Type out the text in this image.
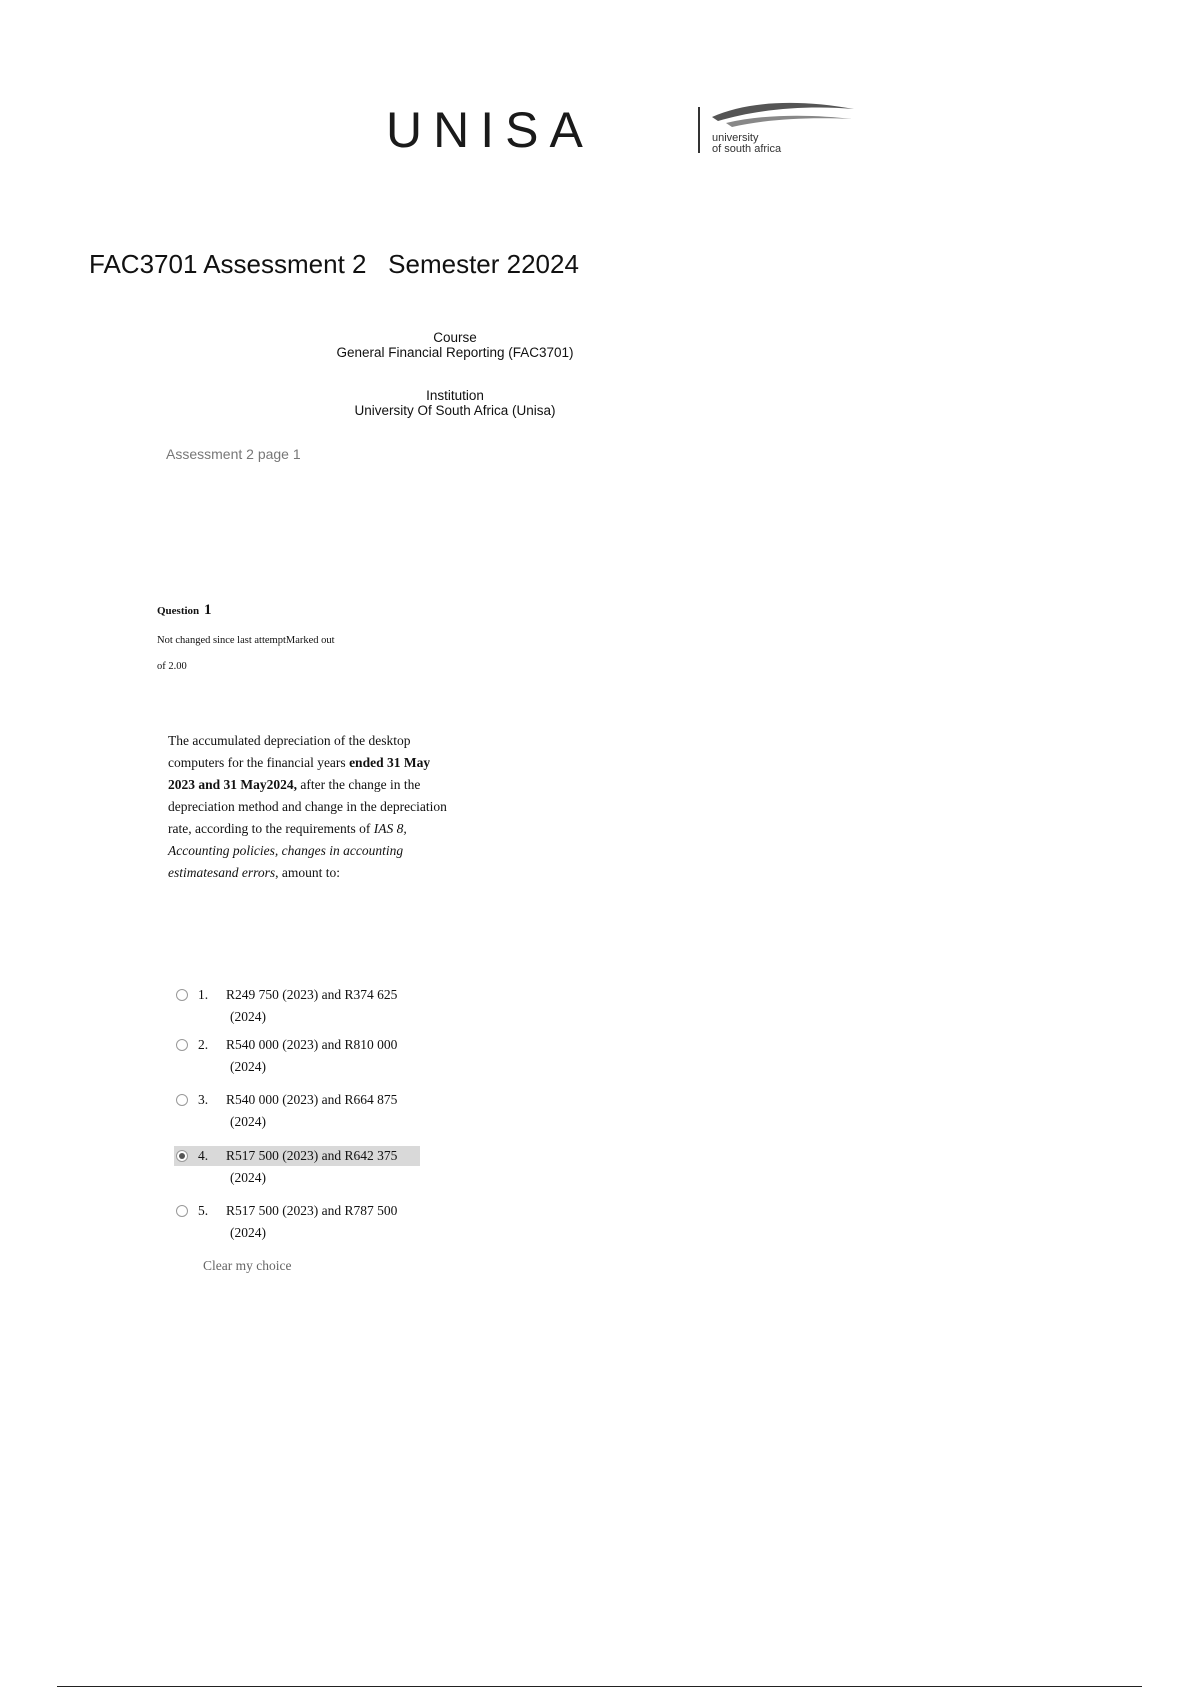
UNISA	university
of south africa
FAC3701 Assessment 2   Semester 22024
Course
General Financial Reporting (FAC3701)
Institution
University Of South Africa (Unisa)
Assessment 2 page 1
Question 1
Not changed since last attemptMarked out
of 2.00
The accumulated depreciation of the desktop computers for the financial years ended 31 May 2023 and 31 May2024, after the change in the depreciation method and change in the depreciation rate, according to the requirements of IAS 8, Accounting policies, changes in accounting estimatesand errors, amount to:
1. R249 750 (2023) and R374 625
(2024)
2. R540 000 (2023) and R810 000
(2024)
3. R540 000 (2023) and R664 875
(2024)
4. R517 500 (2023) and R642 375
(2024)
5. R517 500 (2023) and R787 500
(2024)
Clear my choice
